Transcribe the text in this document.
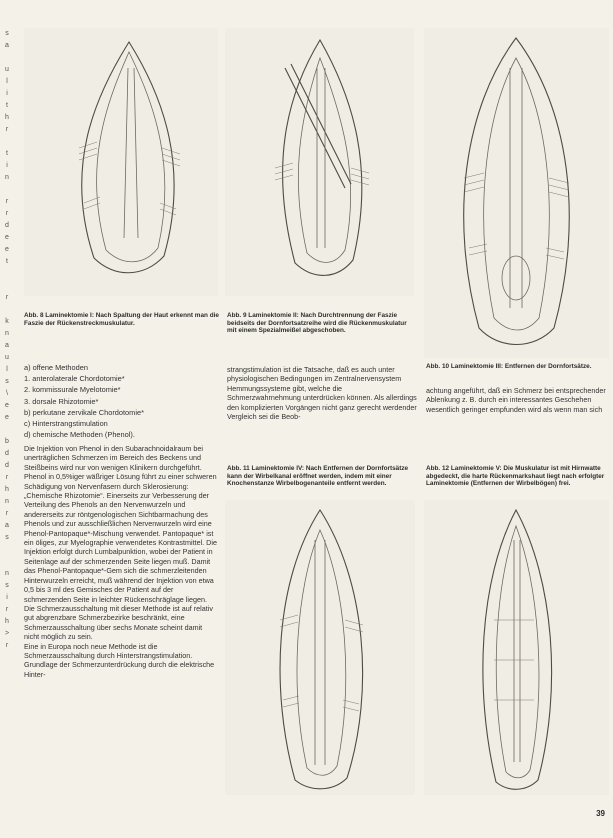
s
a

u
l
i
t
h
r

t
i
n

r
r
d
e
e
t

r

k
n
a
u
l
s
\
e
e

b
d
d
r
h
n
r
a
s

n
s
i
r
h
>
r
Abb. 8 Laminektomie I: Nach Spaltung der Haut erkennt man die Faszie der Rückenstreckmuskulatur.
Abb. 9 Laminektomie II: Nach Durchtrennung der Faszie beidseits der Dornfortsatzreihe wird die Rückenmuskulatur mit einem Spezialmeißel abgeschoben.
Abb. 10 Laminektomie III: Entfernen der Dornfortsätze.
a) offene Methoden
1. anterolaterale Chordotomie*
2. kommissurale Myelotomie*
3. dorsale Rhizotomie*
b) perkutane zervikale Chordotomie*
c) Hinterstrangstimulation
d) chemische Methoden (Phenol).

Die Injektion von Phenol in den Subarachnoidalraum bei unerträglichen Schmerzen im Bereich des Beckens und Steißbeins wird nur von wenigen Klinikern durchgeführt. Phenol in 0,5%iger wäßriger Lösung führt zu einer schweren Schädigung von Nervenfasern durch Sklerosierung: „Chemische Rhizotomie“. Einerseits zur Verbesserung der Verteilung des Phenols an den Nervenwurzeln und andererseits zur röntgenologischen Sichtbarmachung des Phenols und zur ausschließlichen Nervenwurzeln wird eine Phenol-Pantopaque*-Mischung verwendet. Pantopaque* ist ein öliges, zur Myelographie verwendetes Kontrastmittel. Die Injektion erfolgt durch Lumbalpunktion, wobei der Patient in Seitenlage auf der schmerzenden Seite liegen muß. Damit das Phenol-Pantopaque*-Gem sich die schmerzleitenden Hinterwurzeln erreicht, muß während der Injektion von etwa 0,5 bis 3 ml des Gemisches der Patient auf der schmerzenden Seite in leichter Rückenschräglage liegen. Die Schmerzausschaltung mit dieser Methode ist auf relativ gut abgrenzbare Schmerzbezirke beschränkt, eine Schmerzausschaltung über sechs Monate scheint damit nicht möglich zu sein.

Eine in Europa noch neue Methode ist die Schmerzausschaltung durch Hinterstrangstimulation. Grundlage der Schmerzunterdrückung durch die elektrische Hinter-

strangstimulation ist die Tatsache, daß es auch unter physiologischen Bedingungen im Zentralnervensystem Hemmungssysteme gibt, welche die Schmerzwahrnehmung unterdrücken können. Als allerdings den komplizierten Vorgängen nicht ganz gerecht werdender Vergleich sei die Beob-
achtung angeführt, daß ein Schmerz bei entsprechender Ablenkung z. B. durch ein interessantes Geschehen wesentlich geringer empfunden wird als wenn man sich
Abb. 11 Laminektomie IV: Nach Entfernen der Dornfortsätze kann der Wirbelkanal eröffnet werden, indem mit einer Knochenstanze Wirbelbogenanteile entfernt werden.
Abb. 12 Laminektomie V: Die Muskulatur ist mit Hirnwatte abgedeckt, die harte Rückenmarkshaut liegt nach erfolgter Laminektomie (Entfernen der Wirbelbögen) frei.
39
